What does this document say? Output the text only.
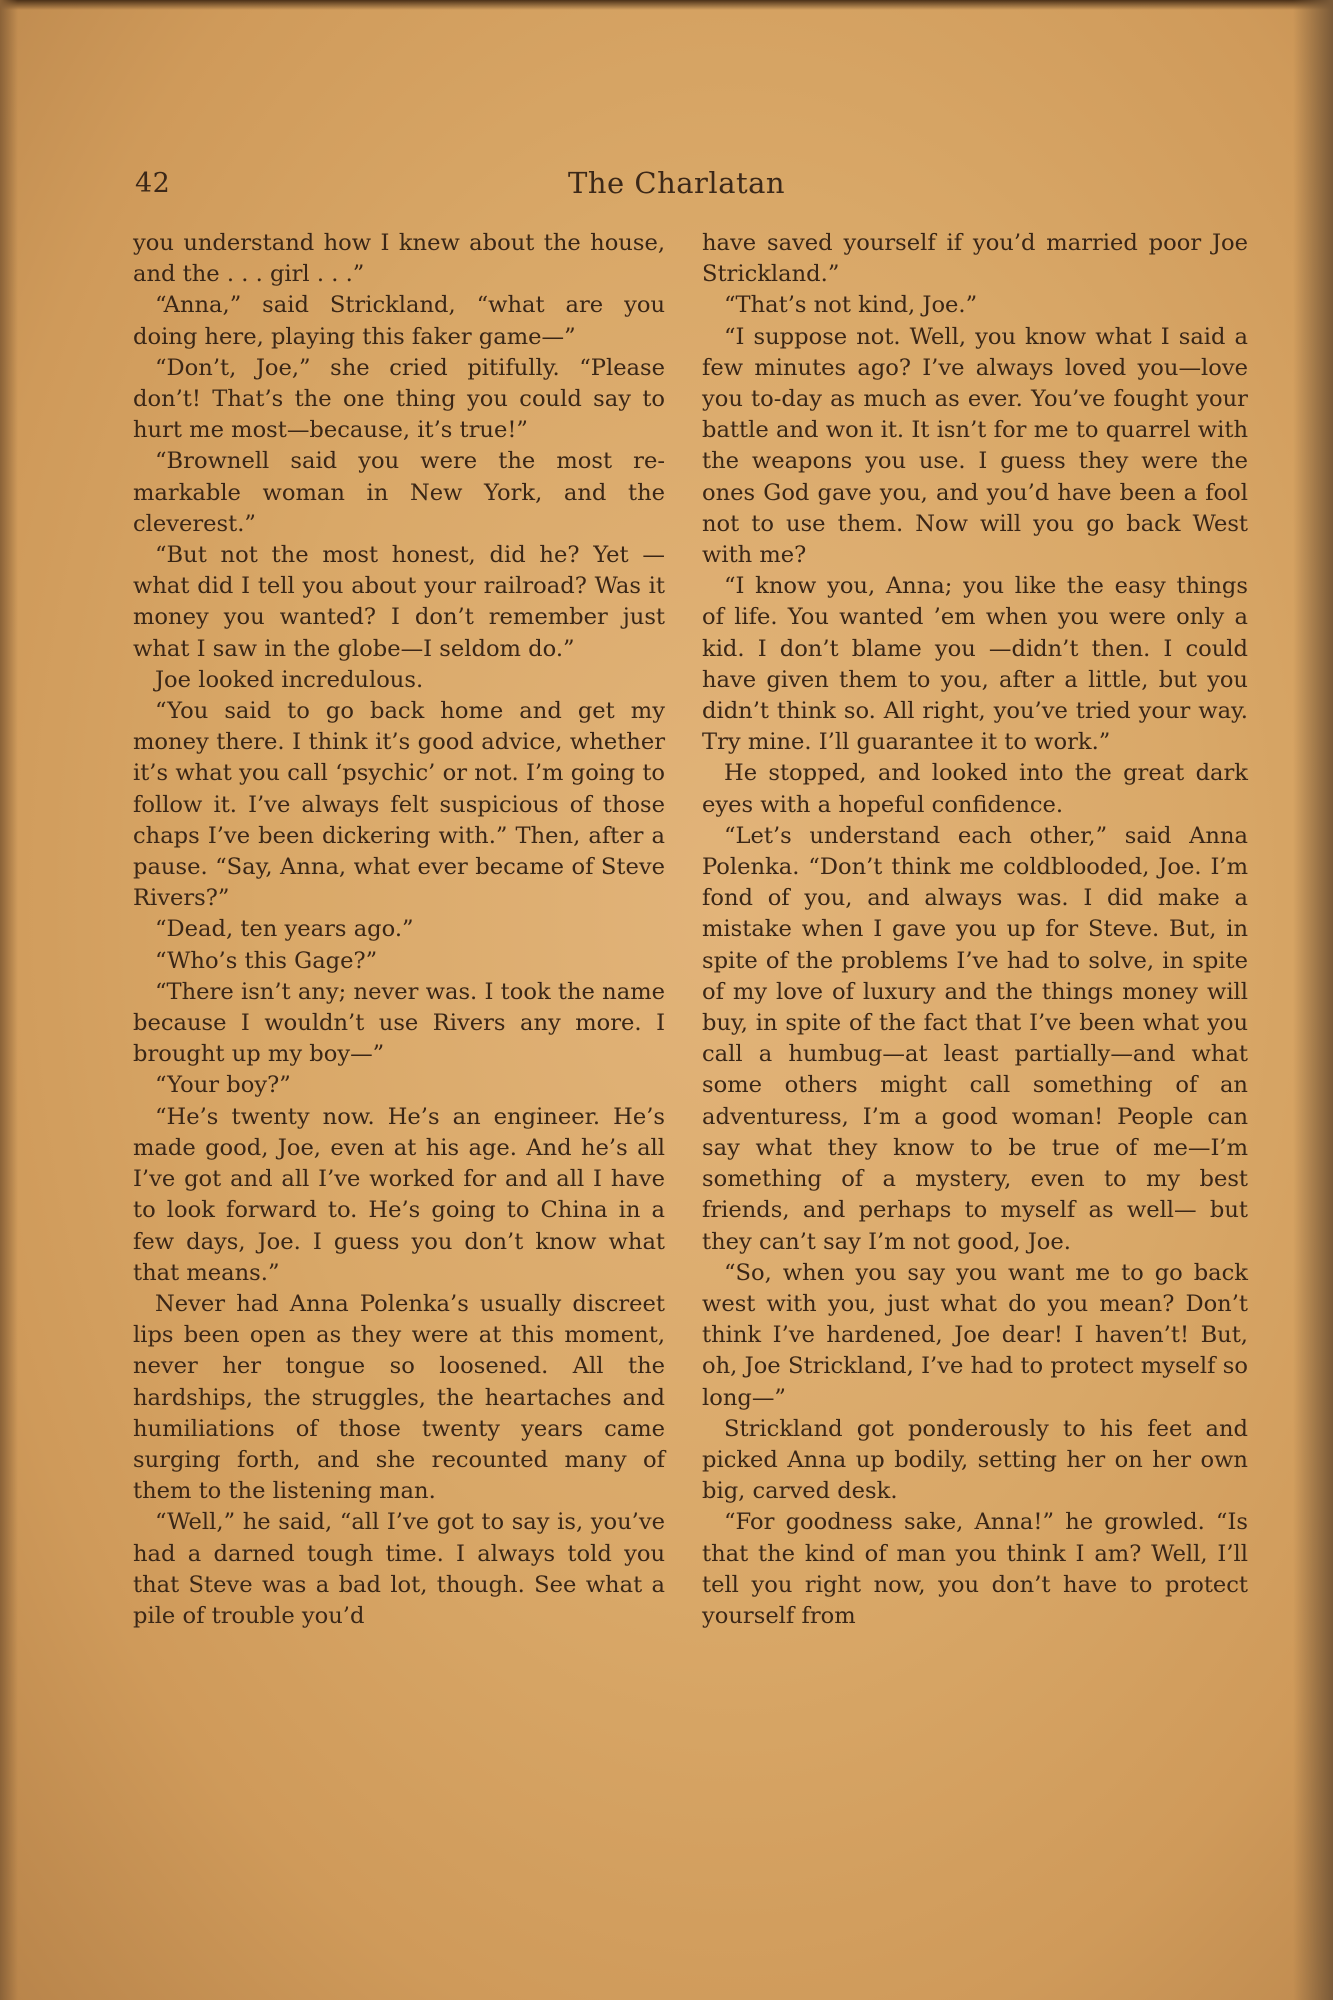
42	The Charlatan

you understand how I knew about the house, and the . . . girl . . .”

“Anna,” said Strickland, “what are you doing here, playing this faker game—”

“Don’t, Joe,” she cried pitifully. “Please don’t! That’s the one thing you could say to hurt me most—because, it’s true!”

“Brownell said you were the most remarkable woman in New York, and the cleverest.”

“But not the most honest, did he? Yet —what did I tell you about your railroad? Was it money you wanted? I don’t remember just what I saw in the globe—I seldom do.”

Joe looked incredulous.

“You said to go back home and get my money there. I think it’s good advice, whether it’s what you call ‘psychic’ or not. I’m going to follow it. I’ve always felt suspicious of those chaps I’ve been dickering with.” Then, after a pause. “Say, Anna, what ever became of Steve Rivers?”

“Dead, ten years ago.”

“Who’s this Gage?”

“There isn’t any; never was. I took the name because I wouldn’t use Rivers any more. I brought up my boy—”

“Your boy?”

“He’s twenty now. He’s an engineer. He’s made good, Joe, even at his age. And he’s all I’ve got and all I’ve worked for and all I have to look forward to. He’s going to China in a few days, Joe. I guess you don’t know what that means.”

Never had Anna Polenka’s usually discreet lips been open as they were at this moment, never her tongue so loosened. All the hardships, the struggles, the heartaches and humiliations of those twenty years came surging forth, and she recounted many of them to the listening man.

“Well,” he said, “all I’ve got to say is, you’ve had a darned tough time. I always told you that Steve was a bad lot, though. See what a pile of trouble you’d

have saved yourself if you’d married poor Joe Strickland.”

“That’s not kind, Joe.”

“I suppose not. Well, you know what I said a few minutes ago? I’ve always loved you—love you to-day as much as ever. You’ve fought your battle and won it. It isn’t for me to quarrel with the weapons you use. I guess they were the ones God gave you, and you’d have been a fool not to use them. Now will you go back West with me?

“I know you, Anna; you like the easy things of life. You wanted ’em when you were only a kid. I don’t blame you —didn’t then. I could have given them to you, after a little, but you didn’t think so. All right, you’ve tried your way. Try mine. I’ll guarantee it to work.”

He stopped, and looked into the great dark eyes with a hopeful confidence.

“Let’s understand each other,” said Anna Polenka. “Don’t think me coldblooded, Joe. I’m fond of you, and always was. I did make a mistake when I gave you up for Steve. But, in spite of the problems I’ve had to solve, in spite of my love of luxury and the things money will buy, in spite of the fact that I’ve been what you call a humbug—at least partially—and what some others might call something of an adventuress, I’m a good woman! People can say what they know to be true of me—I’m something of a mystery, even to my best friends, and perhaps to myself as well— but they can’t say I’m not good, Joe.

“So, when you say you want me to go back west with you, just what do you mean? Don’t think I’ve hardened, Joe dear! I haven’t! But, oh, Joe Strickland, I’ve had to protect myself so long—”

Strickland got ponderously to his feet and picked Anna up bodily, setting her on her own big, carved desk.

“For goodness sake, Anna!” he growled. “Is that the kind of man you think I am? Well, I’ll tell you right now, you don’t have to protect yourself from
